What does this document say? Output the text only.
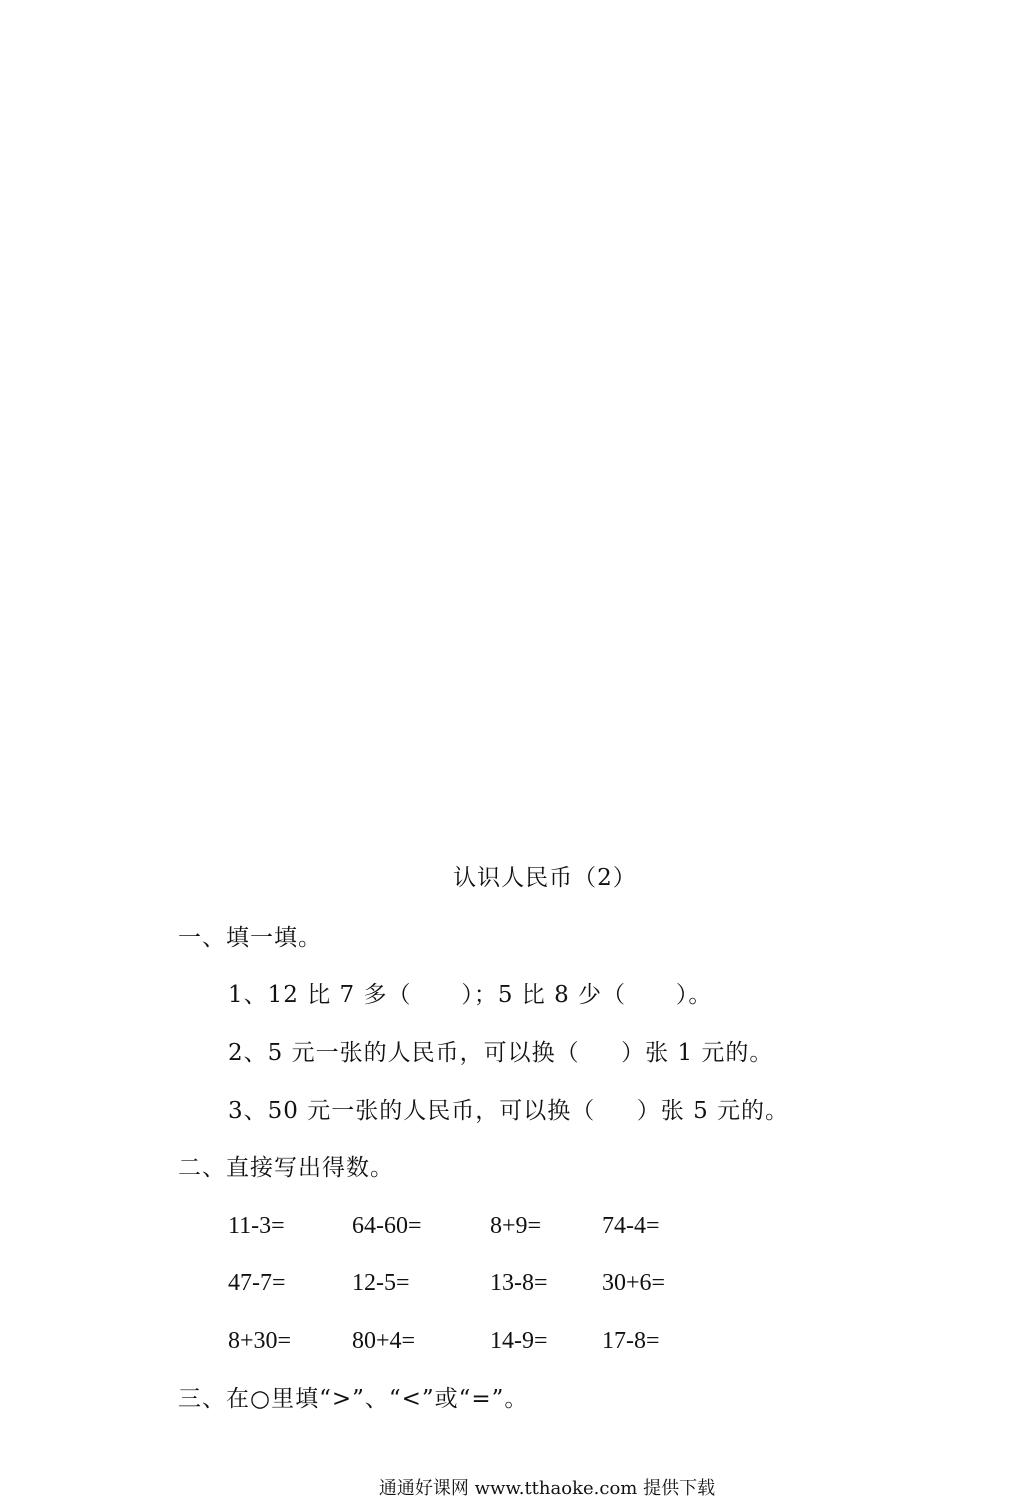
认识人民币（2）
一、填一填。
1、12 比 7 多（      ）；5 比 8 少（      ）。
2、5 元一张的人民币，可以换（     ）张 1 元的。
3、50 元一张的人民币，可以换（     ）张 5 元的。
二、直接写出得数。
11-3=	64-60=	8+9=	74-4=
47-7=	12-5=	13-8= 30+6=
8+30=	80+4=	14-9= 17-8=
三、在○里填“>”、“<”或“=”。
通通好课网 www.tthaoke.com 提供下载
